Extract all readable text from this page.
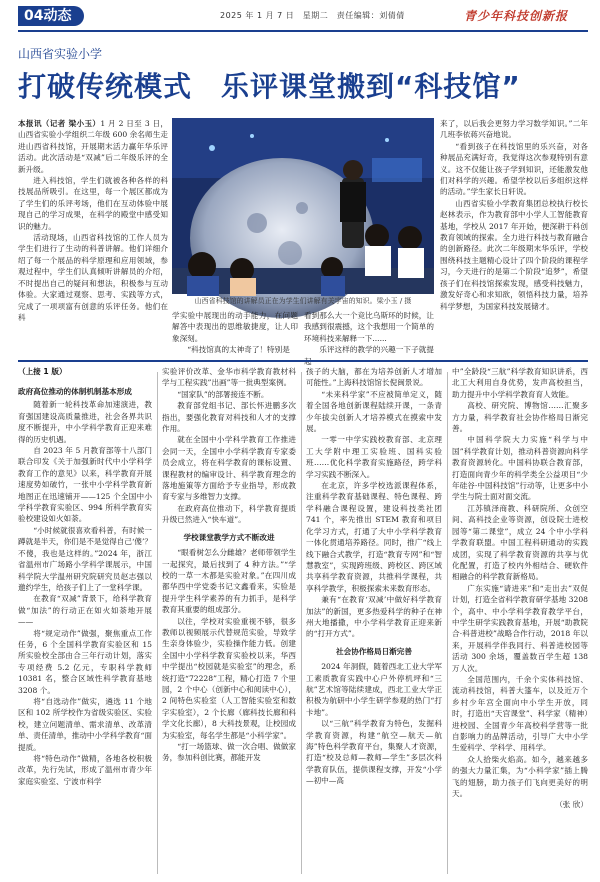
04动态	2025 年 1 月 7 日　星期二　责任编辑：刘倩倩	青少年科技创新报
山西省实验小学
打破传统模式　乐评课堂搬到“科技馆”

本报讯（记者 梁小玉）1 月 2 日至 3 日，山西省实验小学组织二年级 600 余名师生走进山西省科技馆，开展期末活力赢年华乐评活动。此次活动是“双减”后二年级乐评的全新升级。

进入科技馆，学生们就被各种各样的科技展品所吸引。在这里，每一个展区都成为了学生们的乐评考场，他们在互动体验中展现自己的学习成果，在科学的殿堂中感受知识的魅力。

活动现场，山西省科技馆的工作人员为学生们进行了生动的科普讲解。他们详细介绍了每一个展品的科学原理和应用领域，参观过程中，学生们认真倾听讲解员的介绍，不时提出自己的疑问和想法，积极参与互动体验。大家通过观察、思考、实践等方式，完成了一项项富有创意的乐评任务。他们在科

山西省科技馆的讲解员正在为学生们讲解有关宇宙的知识。梁小玉 / 摄

学实验中展现出的动手能力，在问题解答中表现出的思维敏捷度，让人印象深刻。

“科技馆真的太神奇了！特别是

看到那么大一个竞比乌斯环的时候，让我感到很震撼，这个我想用一个简单的环境科技来解释一下......

乐评这样的教学的兴趣一下子就提

来了，以后我会更努力学习数学知识。”二年几班李依蒋兴奋地说。

“看到孩子在科技馆里的乐兴奋，对各种展品充满好奇，我觉得这次参观特别有意义。这不仅能让孩子学到知识，还能激发他们对科学的兴趣。希望学校以后多组织这样的活动。”学生家长日轩说。

山西省实验小学教育集团总校执行校长赵林表示，作为教育部中小学人工智能教育基地，学校从 2017 年开始，便深耕于科创教育领域的探索。全力进行科技与教育融合的创新路径。此次二年级期末华乐评，学校围绕科技主题精心设计了四个阶段的课程学习，今天进行的是第二个阶段“追梦”，希望孩子们在科技馆探索发现，感受科技魅力，激发好奇心和求知欲，领悟科技力量，培养科学梦想，为国家科技发展储才。

（上接 1 版）

政府高位推动的体制机制基本形成

随着新一轮科技革命加速演进，教育强国建设高质量推进，社会各界共识度不断提升，中小学科学教育正迎来难得的历史机遇。

自 2023 年 5 月教育部等十八部门联合印发《关于加强新时代中小学科学教育工作的意见》以来，科学教育开展速度势如破竹，一张中小学科学教育新地图正在迅速铺开——125 个全国中小学科学教育实验区、994 所科学教育实验校建设如火如荼。

“小时候就很喜欢看科普，有时候一蹲就是半天，你们是不是觉得自己‘傻’？不傻，我也是这样的。”2024 年，浙江省温州市广场路小学科学课展示，中国科学院大学温州研究院研究员赵志强以邀约学生，给孩子们上了一堂科学课。

在教育“双减”背景下，给科学教育做“加法”的行动正在如火如荼地开展——

将“规定动作”做强，聚焦重点工作任务，6 个全国科学教育实验区和 15 所实验校全部由合三年行动计划，落实专项经费 5.2 亿元，专职科学教师 10381 名，整合区域性科学教育基地 3208 个。

将“自选动作”做实，遴选 11 个地区和 102 所学校作为省级实验区、实验校，建立问题清单、需求清单、改革清单、责任清单，推动中小学科学教育“面提质。

将“特色动作”做精，各地各校积极改革，先行先试，形成了温州市青少年家庭实验室、宁波市科学

实验评价改革、金华市科学教育教材科学与工程实践”出画”等一批典型案例。

“国家队”的部署接连不断。

教育部党组书记、部长怀进鹏多次指出，要强化教育对科技和人才的支撑作用。

就在全国中小学科学教育工作推进会同一天，全国中小学科学教育专家委员会成立，将在科学教育的课标设置、课程教材的编审设计、科学教育理念的落地施策等方面给予专业指导，形成教育专家与多维智力支撑。

在政府高位推动下，科学教育提质升级已然进入“快车道”。

学校课堂教学方式不断改进

“眼看树怎么分雌雄？老师带领学生一起探究，最后找到了 4 种方法。”“学校的一草一木都是实验对象。”在四川成都华西中学党委书记文鑫看来，实验是提升学生科学素养的有力抓手，是科学教育其重要的组成部分。

以往，学校对实验重视不够，很多教师以视频展示代替规范实验，导致学生亲身体验少，实验操作能力低。创建全国中小学科学教育实验校以来，华西中学提出“校园就是实验室”的理念，系统打造“72228”工程，精心打造 7 个里园，2 个中心（创新中心和阅读中心），2 间特色实验室（人工智能实验室和数字实验室），2 个长廊（廊科技长廊和科学文化长廊），8 大科技景观，让校园成为实验室，每名学生都是“小科学家”。

“打一场篮球、做一次合唱、做做家务，参加科创比赛，都能开发

孩子的大脑，都在为培养创新人才增加可能性。”上海科技馆馆长倪闽景说。

“未来科学家”不应被简单定义，随着全国各地创新课程陆续开课，一条青少年拔尖创新人才培养模式在摸索中发展。

一零一中学实践校教育部、北京理工大学附中理工实验班、国科实验班……优化科学教育实施路径，跨学科学习实践不断深入。

在北京，许多学校选派课程体系，注重科学教育基础课程、特色课程、跨学科融合课程设置，建设科技类社团 741 个，率先推出 STEM 教育和项目化学习方式，打通了大中小学科学教育一体化贯通培养路径。同时，推广“线上线下融合式教学，打造“教育专网”和“智慧教室”，实现跨班级、跨校区、跨区域共享科学教育资源，共推科学课程，共享科学教学，积极探索未来数育形态。

兼有“在教育‘双减’中做好科学教育加法”的新国，更多热爱科学的种子在神州大地播撒，中小学科学教育正迎来新的“打开方式”。

社会协作格局日渐完善

2024 年洞假，随着西北工业大学军工素质教育实践中心户外停机坪和“三航”艺术馆等陆续建成，西北工业大学正积极为航研中小学生研学参观的热门“打卡地”。

以“三航”科学教育为特色，发掘科学教育资源，构建“航空—航天—航海”特色科学教育平台，集聚人才资源，打造“校及总师—教师—学生”多层次科学教育队伍，提供课程支撑，开发“小学—初中—高

中”全龄段“三航”科学教育知识讲系，西北工大利用自身优势，发声高校担当，助力提升中小学科学教育育人效能。

高校、研究院、博物馆……汇聚多方力量，科学教育社会协作格局日渐完善。

中国科学院大力实施“科学与中国”科学教育计划，推动科普资源向科学教育资源转化。中国科协联合教育部，打造面向青少年的科学类全公益项目“少年硅谷·中国科技馆”行动等，让更多中小学生与院士面对面交流。

江苏镇泽商教、科研院所、众创空间、高科技企业等资源，创设院士进校园等“第二课堂”，成立 24 个中小学科学教育联盟。中国工程科研通动的实践成团，实现了科学教育资源的共享与优化配置，打造了校内外相结合、硬软件相融合的科学教育新格局。

广东实施“请进来”和“走出去”双促计划，打造全省科学教育研学基地 3208 个，高中、中小学科学教育教学平台，中学生研学实践教育基地，开展“助教院合·科普进校”战略合作行动，2018 年以来，开展科学伴我同行、科普进校园等活动 300 余场，覆盖数百学生超 138 万人次。

全国范围内，千余个实体科技馆、流动科技馆，科普大篷车，以及近万个乡村少年宫全面向中小学生开放，同时，打造出“天宫课堂”、科学家（精神）进校园、全国青少年高校科学营等一批自影响力的品牌活动，引导广大中小学生爱科学、学科学、用科学。

众人拾柴火焰高。如今，越来越多的强大力量汇集，为“小科学家”插上腾飞的翅膀，助力孩子们飞向更美好的明天。

（张 欣）
